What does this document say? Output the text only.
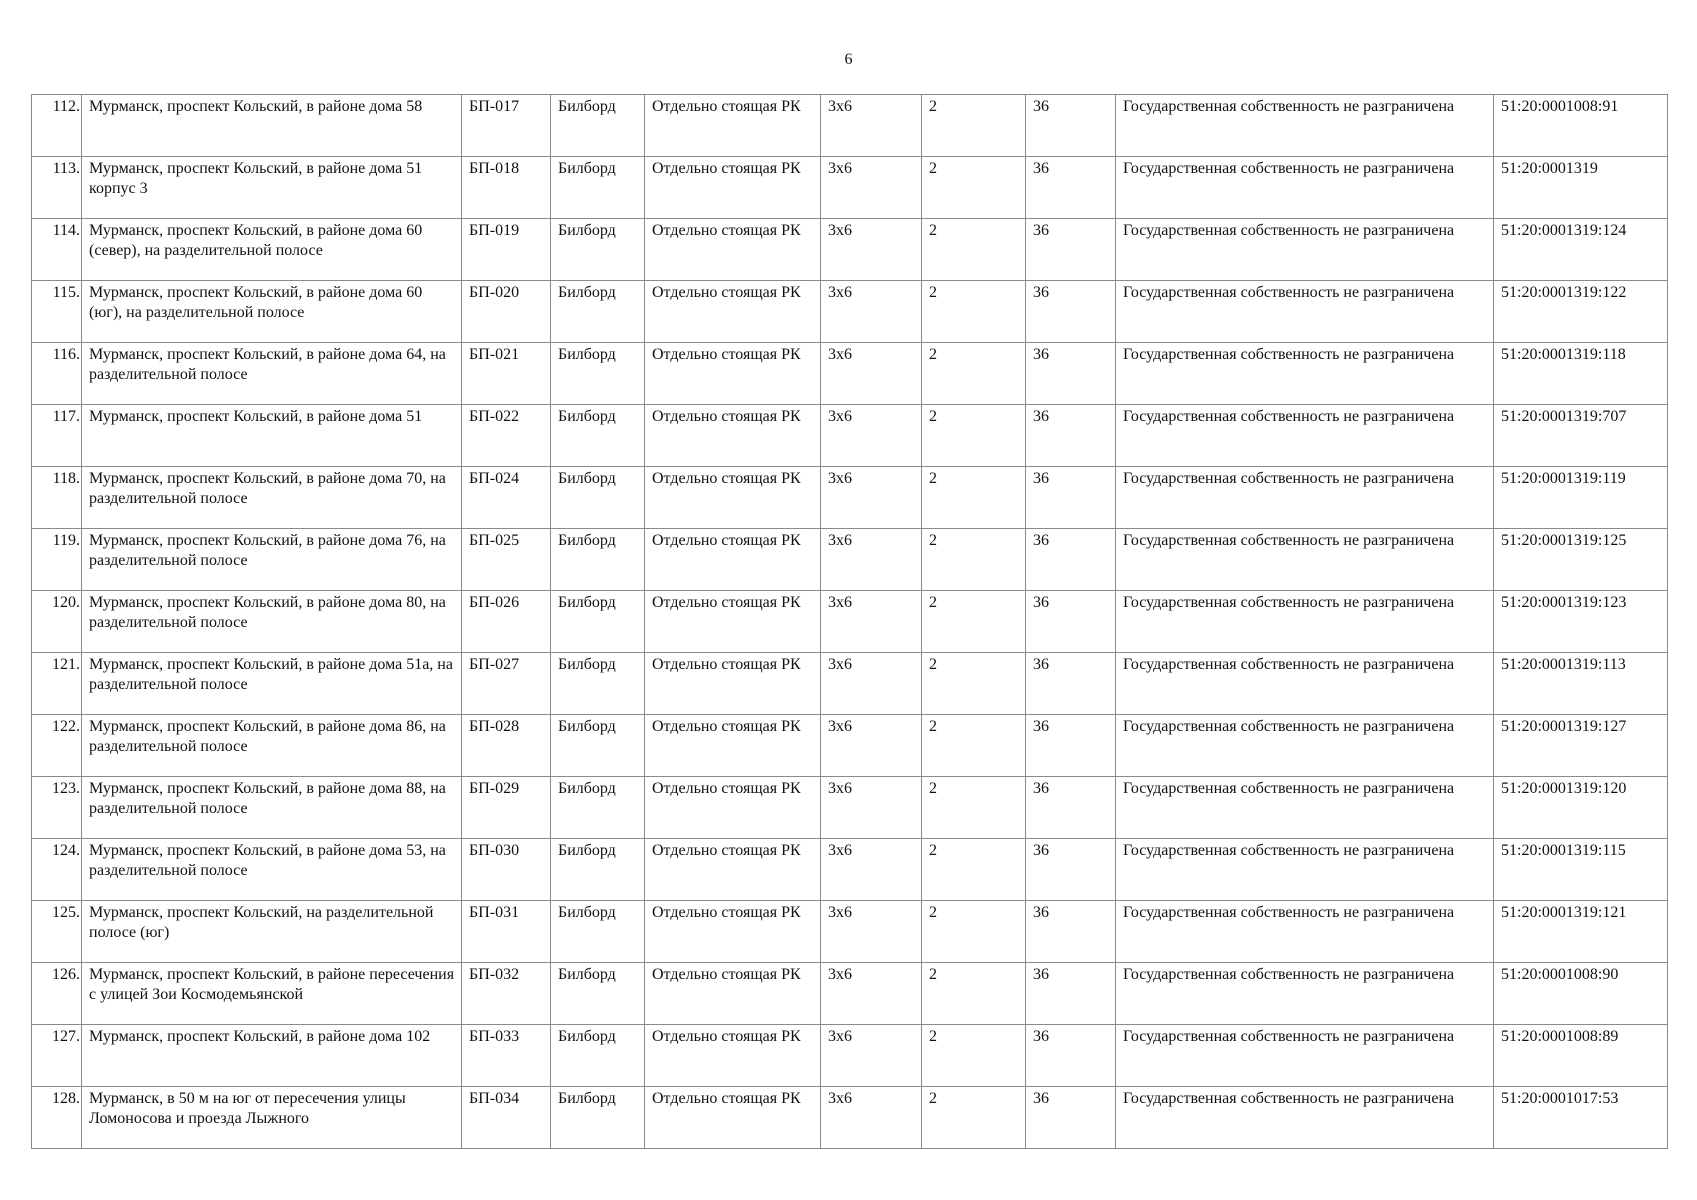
6
112.	Мурманск, проспект Кольский, в районе дома 58	БП-017	Билборд	Отдельно стоящая РК	3х6	2	36	Государственная собственность не разграничена	51:20:0001008:91
113.	Мурманск, проспект Кольский, в районе дома 51 корпус 3	БП-018	Билборд	Отдельно стоящая РК	3х6	2	36	Государственная собственность не разграничена	51:20:0001319
114.	Мурманск, проспект Кольский, в районе дома 60 (север), на разделительной полосе	БП-019	Билборд	Отдельно стоящая РК	3х6	2	36	Государственная собственность не разграничена	51:20:0001319:124
115.	Мурманск, проспект Кольский, в районе дома 60 (юг), на разделительной полосе	БП-020	Билборд	Отдельно стоящая РК	3х6	2	36	Государственная собственность не разграничена	51:20:0001319:122
116.	Мурманск, проспект Кольский, в районе дома 64, на разделительной полосе	БП-021	Билборд	Отдельно стоящая РК	3х6	2	36	Государственная собственность не разграничена	51:20:0001319:118
117.	Мурманск, проспект Кольский, в районе дома 51	БП-022	Билборд	Отдельно стоящая РК	3х6	2	36	Государственная собственность не разграничена	51:20:0001319:707
118.	Мурманск, проспект Кольский, в районе дома 70, на разделительной полосе	БП-024	Билборд	Отдельно стоящая РК	3х6	2	36	Государственная собственность не разграничена	51:20:0001319:119
119.	Мурманск, проспект Кольский, в районе дома 76, на разделительной полосе	БП-025	Билборд	Отдельно стоящая РК	3х6	2	36	Государственная собственность не разграничена	51:20:0001319:125
120.	Мурманск, проспект Кольский, в районе дома 80, на разделительной полосе	БП-026	Билборд	Отдельно стоящая РК	3х6	2	36	Государственная собственность не разграничена	51:20:0001319:123
121.	Мурманск, проспект Кольский, в районе дома 51а, на разделительной полосе	БП-027	Билборд	Отдельно стоящая РК	3х6	2	36	Государственная собственность не разграничена	51:20:0001319:113
122.	Мурманск, проспект Кольский, в районе дома 86, на разделительной полосе	БП-028	Билборд	Отдельно стоящая РК	3х6	2	36	Государственная собственность не разграничена	51:20:0001319:127
123.	Мурманск, проспект Кольский, в районе дома 88, на разделительной полосе	БП-029	Билборд	Отдельно стоящая РК	3х6	2	36	Государственная собственность не разграничена	51:20:0001319:120
124.	Мурманск, проспект Кольский, в районе дома 53, на разделительной полосе	БП-030	Билборд	Отдельно стоящая РК	3х6	2	36	Государственная собственность не разграничена	51:20:0001319:115
125.	Мурманск, проспект Кольский, на разделительной полосе (юг)	БП-031	Билборд	Отдельно стоящая РК	3х6	2	36	Государственная собственность не разграничена	51:20:0001319:121
126.	Мурманск, проспект Кольский, в районе пересечения с улицей Зои Космодемьянской	БП-032	Билборд	Отдельно стоящая РК	3х6	2	36	Государственная собственность не разграничена	51:20:0001008:90
127.	Мурманск, проспект Кольский, в районе дома 102	БП-033	Билборд	Отдельно стоящая РК	3х6	2	36	Государственная собственность не разграничена	51:20:0001008:89
128.	Мурманск, в 50 м на юг от пересечения улицы Ломоносова и проезда Лыжного	БП-034	Билборд	Отдельно стоящая РК	3х6	2	36	Государственная собственность не разграничена	51:20:0001017:53
